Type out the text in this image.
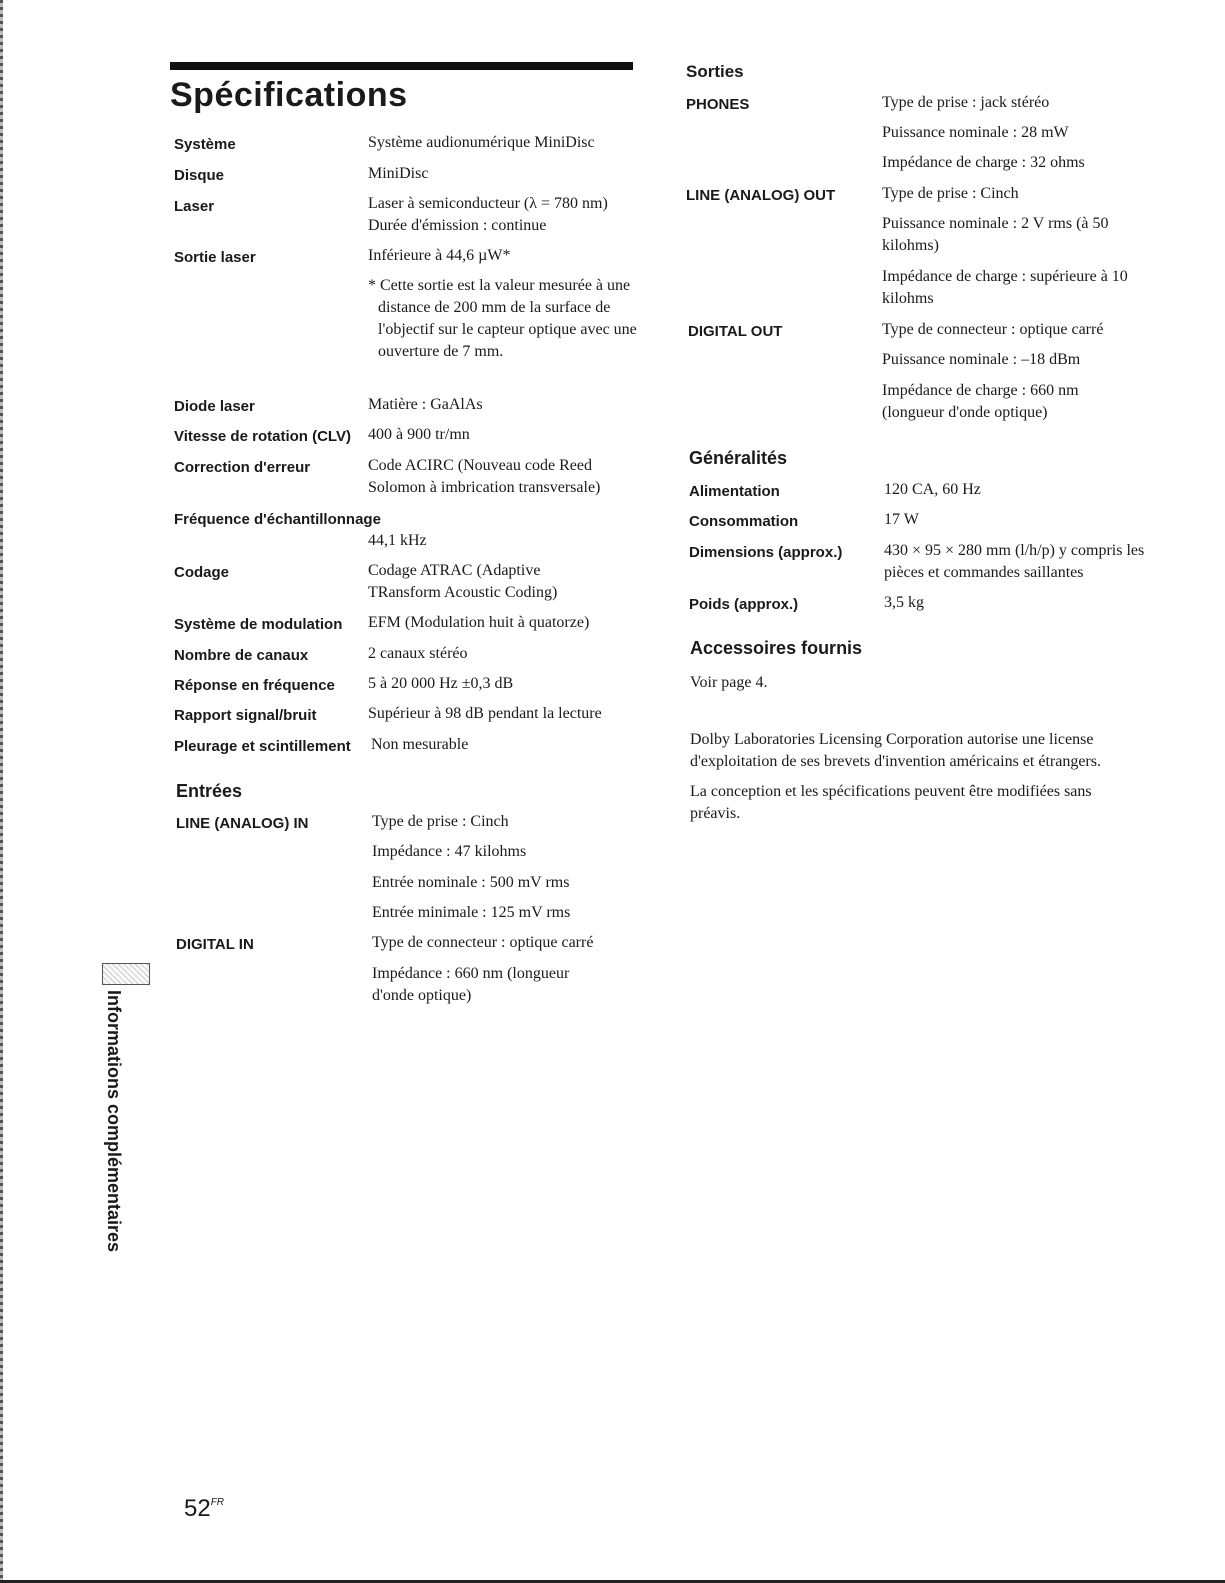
Spécifications
Système	Système audionumérique MiniDisc
Disque	MiniDisc
Laser	Laser à semiconducteur (λ = 780 nm)
Durée d'émission : continue
Sortie laser	Inférieure à 44,6 µW*
* Cette sortie est la valeur mesurée à une distance de 200 mm de la surface de l'objectif sur le capteur optique avec une ouverture de 7 mm.
Diode laser	Matière : GaAlAs
Vitesse de rotation (CLV) 400 à 900 tr/mn
Correction d'erreur	Code ACIRC (Nouveau code Reed Solomon à imbrication transversale)
Fréquence d'échantillonnage
44,1 kHz
Codage	Codage ATRAC (Adaptive TRansform Acoustic Coding)
Système de modulation EFM (Modulation huit à quatorze)
Nombre de canaux	2 canaux stéréo
Réponse en fréquence 5 à 20 000 Hz ±0,3 dB
Rapport signal/bruit	Supérieur à 98 dB pendant la lecture
Pleurage et scintillement Non mesurable
Entrées
LINE (ANALOG) IN	Type de prise : Cinch
Impédance : 47 kilohms
Entrée nominale : 500 mV rms
Entrée minimale : 125 mV rms
DIGITAL IN	Type de connecteur : optique carré
Impédance : 660 nm (longueur d'onde optique)
Sorties
PHONES	Type de prise : jack stéréo
Puissance nominale : 28 mW
Impédance de charge : 32 ohms
LINE (ANALOG) OUT	Type de prise : Cinch
Puissance nominale : 2 V rms (à 50 kilohms)
Impédance de charge : supérieure à 10 kilohms
DIGITAL OUT	Type de connecteur : optique carré
Puissance nominale : –18 dBm
Impédance de charge : 660 nm (longueur d'onde optique)
Généralités
Alimentation	120 CA, 60 Hz
Consommation	17 W
Dimensions (approx.)	430 × 95 × 280 mm (l/h/p) y compris les pièces et commandes saillantes
Poids (approx.)	3,5 kg
Accessoires fournis
Voir page 4.
Dolby Laboratories Licensing Corporation autorise une license d'exploitation de ses brevets d'invention américains et étrangers.
La conception et les spécifications peuvent être modifiées sans préavis.
Informations complémentaires
$52^{FR}$
